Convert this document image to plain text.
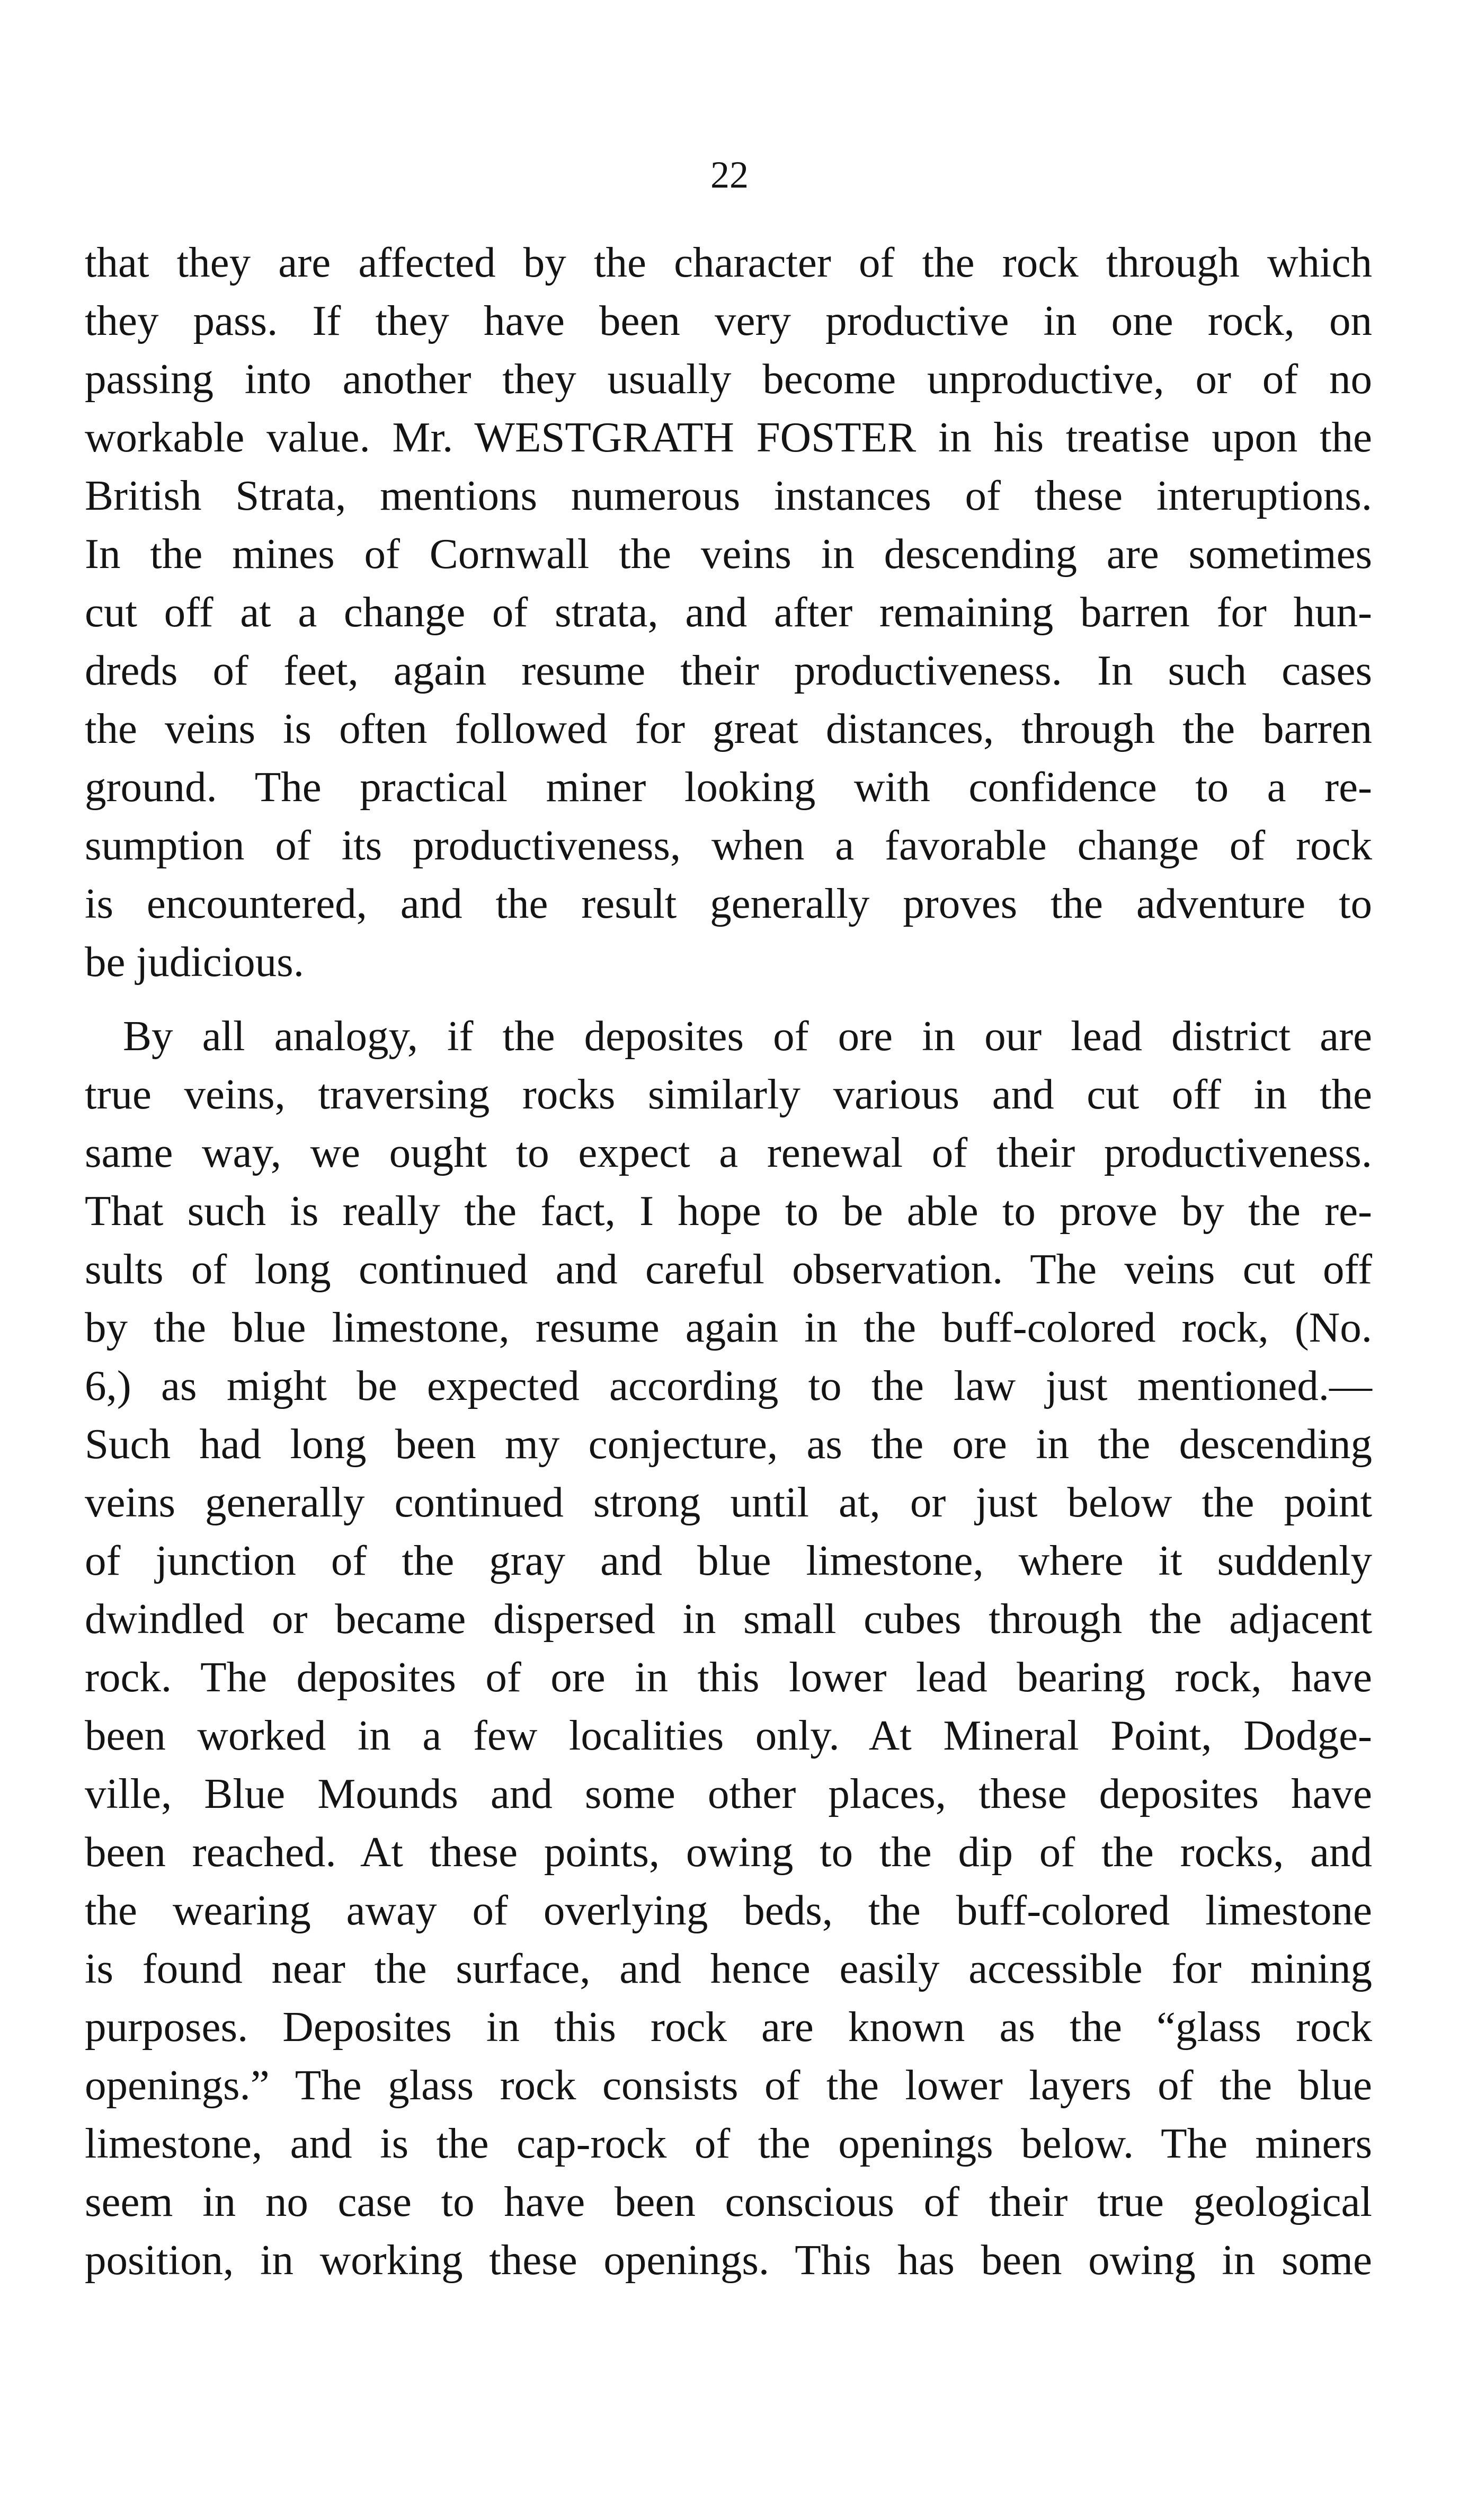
22
that they are affected by the character of the rock through which
they pass. If they have been very productive in one rock, on
passing into another they usually become unproductive, or of no
workable value. Mr. WESTGRATH FOSTER in his treatise upon the
British Strata, mentions numerous instances of these interuptions.
In the mines of Cornwall the veins in descending are sometimes
cut off at a change of strata, and after remaining barren for hun-
dreds of feet, again resume their productiveness. In such cases
the veins is often followed for great distances, through the barren
ground. The practical miner looking with confidence to a re-
sumption of its productiveness, when a favorable change of rock
is encountered, and the result generally proves the adventure to
be judicious.
By all analogy, if the deposites of ore in our lead district are
true veins, traversing rocks similarly various and cut off in the
same way, we ought to expect a renewal of their productiveness.
That such is really the fact, I hope to be able to prove by the re-
sults of long continued and careful observation. The veins cut off
by the blue limestone, resume again in the buff-colored rock, (No.
6,) as might be expected according to the law just mentioned.—
Such had long been my conjecture, as the ore in the descending
veins generally continued strong until at, or just below the point
of junction of the gray and blue limestone, where it suddenly
dwindled or became dispersed in small cubes through the adjacent
rock. The deposites of ore in this lower lead bearing rock, have
been worked in a few localities only. At Mineral Point, Dodge-
ville, Blue Mounds and some other places, these deposites have
been reached. At these points, owing to the dip of the rocks, and
the wearing away of overlying beds, the buff-colored limestone
is found near the surface, and hence easily accessible for mining
purposes. Deposites in this rock are known as the “glass rock
openings.” The glass rock consists of the lower layers of the blue
limestone, and is the cap-rock of the openings below. The miners
seem in no case to have been conscious of their true geological
position, in working these openings. This has been owing in some
